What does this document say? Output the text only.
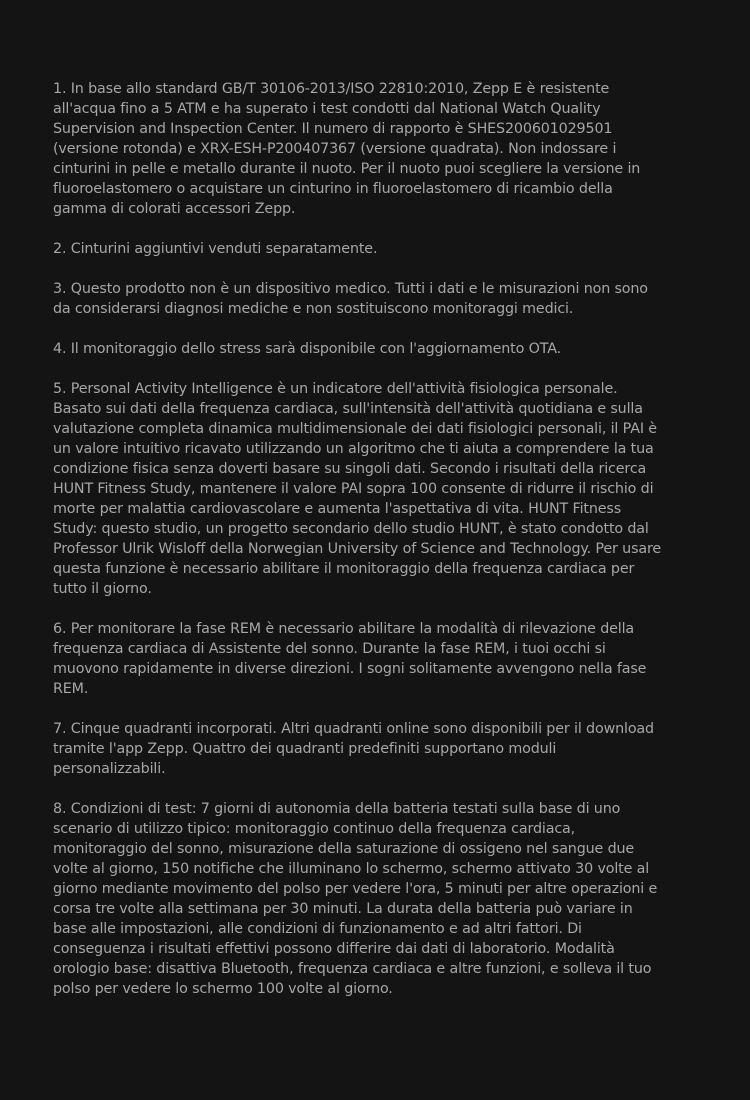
1. In base allo standard GB/T 30106-2013/ISO 22810:2010, Zepp E è resistente all'acqua fino a 5 ATM e ha superato i test condotti dal National Watch Quality Supervision and Inspection Center. Il numero di rapporto è SHES200601029501 (versione rotonda) e XRX-ESH-P200407367 (versione quadrata). Non indossare i cinturini in pelle e metallo durante il nuoto. Per il nuoto puoi scegliere la versione in fluoroelastomero o acquistare un cinturino in fluoroelastomero di ricambio della gamma di colorati accessori Zepp.

2. Cinturini aggiuntivi venduti separatamente.

3. Questo prodotto non è un dispositivo medico. Tutti i dati e le misurazioni non sono da considerarsi diagnosi mediche e non sostituiscono monitoraggi medici.

4. Il monitoraggio dello stress sarà disponibile con l'aggiornamento OTA.

5. Personal Activity Intelligence è un indicatore dell'attività fisiologica personale. Basato sui dati della frequenza cardiaca, sull'intensità dell'attività quotidiana e sulla valutazione completa dinamica multidimensionale dei dati fisiologici personali, il PAI è un valore intuitivo ricavato utilizzando un algoritmo che ti aiuta a comprendere la tua condizione fisica senza doverti basare su singoli dati. Secondo i risultati della ricerca HUNT Fitness Study, mantenere il valore PAI sopra 100 consente di ridurre il rischio di morte per malattia cardiovascolare e aumenta l'aspettativa di vita. HUNT Fitness Study: questo studio, un progetto secondario dello studio HUNT, è stato condotto dal Professor Ulrik Wisloff della Norwegian University of Science and Technology. Per usare questa funzione è necessario abilitare il monitoraggio della frequenza cardiaca per tutto il giorno.

6. Per monitorare la fase REM è necessario abilitare la modalità di rilevazione della frequenza cardiaca di Assistente del sonno. Durante la fase REM, i tuoi occhi si muovono rapidamente in diverse direzioni. I sogni solitamente avvengono nella fase REM.

7. Cinque quadranti incorporati. Altri quadranti online sono disponibili per il download tramite l'app Zepp. Quattro dei quadranti predefiniti supportano moduli personalizzabili.

8. Condizioni di test: 7 giorni di autonomia della batteria testati sulla base di uno scenario di utilizzo tipico: monitoraggio continuo della frequenza cardiaca, monitoraggio del sonno, misurazione della saturazione di ossigeno nel sangue due volte al giorno, 150 notifiche che illuminano lo schermo, schermo attivato 30 volte al giorno mediante movimento del polso per vedere l'ora, 5 minuti per altre operazioni e corsa tre volte alla settimana per 30 minuti. La durata della batteria può variare in base alle impostazioni, alle condizioni di funzionamento e ad altri fattori. Di conseguenza i risultati effettivi possono differire dai dati di laboratorio. Modalità orologio base: disattiva Bluetooth, frequenza cardiaca e altre funzioni, e solleva il tuo polso per vedere lo schermo 100 volte al giorno.
